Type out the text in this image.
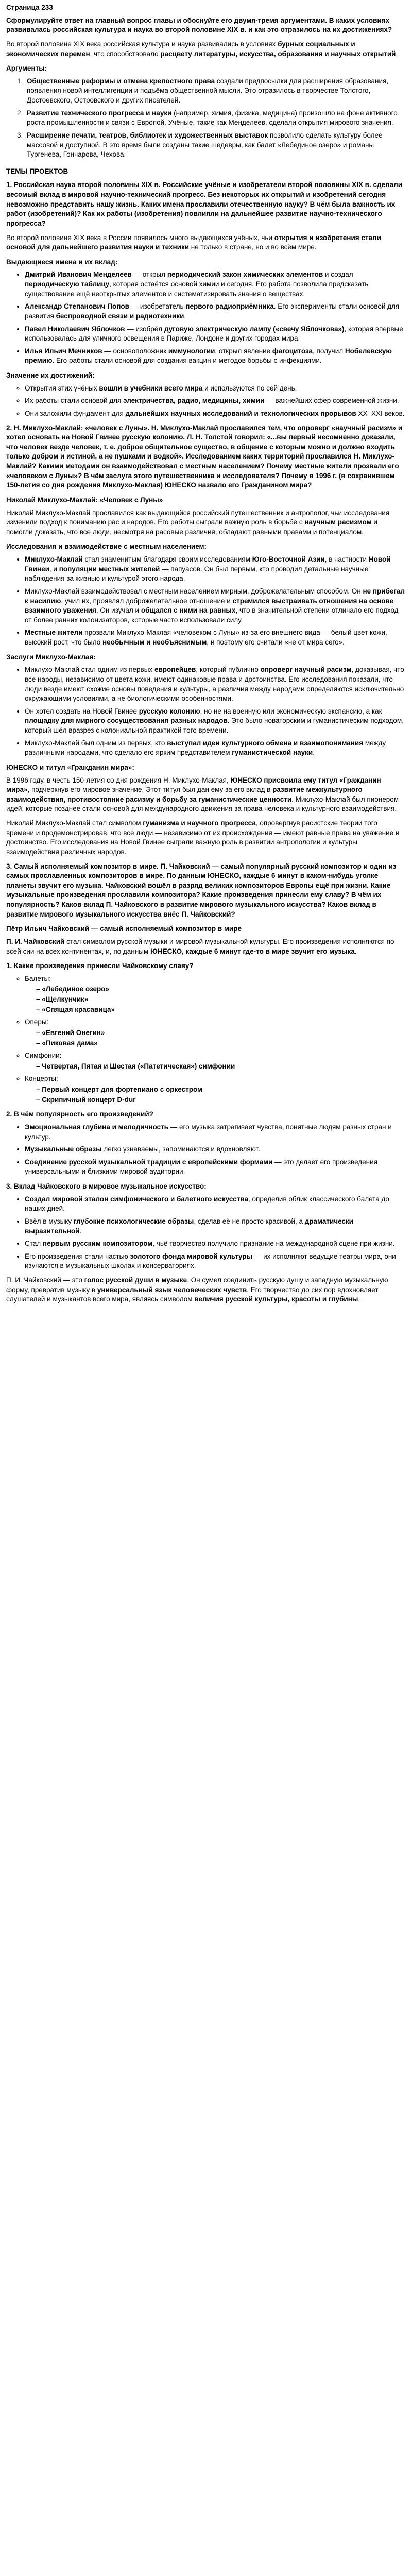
Страница 233

Сформулируйте ответ на главный вопрос главы и обоснуйте его двумя-тремя аргументами. В каких условиях развивалась российская культура и наука во второй половине XIX в. и как это отразилось на их достижениях?

Во второй половине XIX века российская культура и наука развивались в условиях бурных социальных и экономических перемен, что способствовало расцвету литературы, искусства, образования и научных открытий.

Аргументы:
1. Общественные реформы и отмена крепостного права создали предпосылки для расширения образования, появления новой интеллигенции и подъёма общественной мысли. Это отразилось в творчестве Толстого, Достоевского, Островского и других писателей.
2. Развитие технического прогресса и науки (например, химия, физика, медицина) произошло на фоне активного роста промышленности и связи с Европой. Учёные, такие как Менделеев, сделали открытия мирового значения.
3. Расширение печати, театров, библиотек и художественных выставок позволило сделать культуру более массовой и доступной. В это время были созданы такие шедевры, как балет «Лебединое озеро» и романы Тургенева, Гончарова, Чехова.
ТЕМЫ ПРОЕКТОВ

1. Российская наука второй половины XIX в. Российские учёные и изобретатели второй половины XIX в. сделали весомый вклад в мировой научно-технический прогресс. Без некоторых их открытий и изобретений сегодня невозможно представить нашу жизнь. Каких имена прославили отечественную науку? В чём была важность их работ (изобретений)? Как их работы (изобретения) повлияли на дальнейшее развитие научно-технического прогресса?

Во второй половине XIX века в России появилось много выдающихся учёных, чьи открытия и изобретения стали основой для дальнейшего развития науки и техники не только в стране, но и во всём мире.

Выдающиеся имена и их вклад:
• Дмитрий Иванович Менделеев — открыл периодический закон химических элементов и создал периодическую таблицу, которая остаётся основой химии и сегодня. Его работа позволила предсказать существование ещё неоткрытых элементов и систематизировать знания о веществах.
• Александр Степанович Попов — изобретатель первого радиоприёмника. Его эксперименты стали основой для развития беспроводной связи и радиотехники.
• Павел Николаевич Яблочков — изобрёл дуговую электрическую лампу («свечу Яблочкова»), которая впервые использовалась для уличного освещения в Париже, Лондоне и других городах мира.
• Илья Ильич Мечников — основоположник иммунологии, открыл явление фагоцитоза, получил Нобелевскую премию. Его работы стали основой для создания вакцин и методов борьбы с инфекциями.
Значение их достижений:
◦ Открытия этих учёных вошли в учебники всего мира и используются по сей день.
◦ Их работы стали основой для электричества, радио, медицины, химии — важнейших сфер современной жизни.
◦ Они заложили фундамент для дальнейших научных исследований и технологических прорывов XX–XXI веков.

2. Н. Миклухо-Маклай: «человек с Луны». Н. Миклухо-Маклай прославился тем, что опроверг «научный расизм» и хотел основать на Новой Гвинее русскую колонию. Л. Н. Толстой говорил: «...вы первый несомненно доказали, что человек везде человек, т. е. доброе общительное существо, в общение с которым можно и должно входить только добром и истиной, а не пушками и водкой». Исследованием каких территорий прославился Н. Миклухо-Маклай? Какими методами он взаимодействовал с местным населением? Почему местные жители прозвали его «человеком с Луны»? В чём заслуга этого путешественника и исследователя? Почему в 1996 г. (в сохранившем 150-летия со дня рождения Миклухо-Маклая) ЮНЕСКО назвало его Гражданином мира?

Николай Миклухо-Маклай: «Человек с Луны»

Николай Миклухо-Маклай прославился как выдающийся российский путешественник и антрополог, чьи исследования изменили подход к пониманию рас и народов. Его работы сыграли важную роль в борьбе с научным расизмом и помогли доказать, что все люди, несмотря на расовые различия, обладают равными правами и потенциалом.

Исследования и взаимодействие с местным населением:
• Миклухо-Маклай стал знаменитым благодаря своим исследованиям Юго-Восточной Азии, в частности Новой Гвинеи, и популяции местных жителей — папуасов. Он был первым, кто проводил детальные научные наблюдения за жизнью и культурой этого народа.
• Миклухо-Маклай взаимодействовал с местным населением мирным, доброжелательным способом. Он не прибегал к насилию, учил их, проявлял доброжелательное отношение и стремился выстраивать отношения на основе взаимного уважения. Он изучал и общался с ними на равных, что в значительной степени отличало его подход от более ранних колонизаторов, которые часто использовали силу.
• Местные жители прозвали Миклухо-Маклая «человеком с Луны» из-за его внешнего вида — белый цвет кожи, высокий рост, что было необычным и необъяснимым, и поэтому его считали «не от мира сего».
Заслуги Миклухо-Маклая:
• Миклухо-Маклай стал одним из первых европейцев, который публично опроверг научный расизм, доказывая, что все народы, независимо от цвета кожи, имеют одинаковые права и достоинства. Его исследования показали, что люди везде имеют схожие основы поведения и культуры, а различия между народами определяются исключительно окружающими условиями, а не биологическими особенностями.
• Он хотел создать на Новой Гвинее русскую колонию, но не на военную или экономическую экспансию, а как площадку для мирного сосуществования разных народов. Это было новаторским и гуманистическим подходом, который шёл вразрез с колониальной практикой того времени.
• Миклухо-Маклай был одним из первых, кто выступал идеи культурного обмена и взаимопонимания между различными народами, что сделало его ярким представителем гуманистической науки.
ЮНЕСКО и титул «Гражданин мира»:

В 1996 году, в честь 150-летия со дня рождения Н. Миклухо-Маклая, ЮНЕСКО присвоила ему титул «Гражданин мира», подчеркнув его мировое значение. Этот титул был дан ему за его вклад в развитие межкультурного взаимодействия, противостояние расизму и борьбу за гуманистические ценности. Миклухо-Маклай был пионером идей, которые позднее стали основой для международного движения за права человека и культурного взаимодействия.

Николай Миклухо-Маклай стал символом гуманизма и научного прогресса, опровергнув расистские теории того времени и продемонстрировав, что все люди — независимо от их происхождения — имеют равные права на уважение и достоинство. Его исследования на Новой Гвинее сыграли важную роль в развитии антропологии и культуры взаимодействия различных народов.

3. Самый исполняемый композитор в мире. П. Чайковский — самый популярный русский композитор и один из самых прославленных композиторов в мире. По данным ЮНЕСКО, каждые 6 минут в каком-нибудь уголке планеты звучит его музыка. Чайковский вошёл в разряд великих композиторов Европы ещё при жизни. Какие музыкальные произведения прославили композитора? Какие произведения принесли ему славу? В чём их популярность? Каков вклад П. Чайковского в развитие мирового музыкального искусства? Каков вклад в развитие мирового музыкального искусства внёс П. Чайковский?

Пётр Ильич Чайковский — самый исполняемый композитор в мире

П. И. Чайковский стал символом русской музыки и мировой музыкальной культуры. Его произведения исполняются по всей сии на всех континентах, и, по данным ЮНЕСКО, каждые 6 минут где-то в мире звучит его музыка.

1. Какие произведения принесли Чайковскому славу?
◦ Балеты:
– «Лебединое озеро»
– «Щелкунчик»
– «Спящая красавица»
◦ Оперы:
– «Евгений Онегин»
– «Пиковая дама»
◦ Симфонии:
– Четвертая, Пятая и Шестая («Патетическая») симфонии
◦ Концерты:
– Первый концерт для фортепиано с оркестром
– Скрипичный концерт D-dur
2. В чём популярность его произведений?
• Эмоциональная глубина и мелодичность — его музыка затрагивает чувства, понятные людям разных стран и культур.
• Музыкальные образы легко узнаваемы, запоминаются и вдохновляют.
• Соединение русской музыкальной традиции с европейскими формами — это делает его произведения универсальными и близкими мировой аудитории.
3. Вклад Чайковского в мировое музыкальное искусство:
• Создал мировой эталон симфонического и балетного искусства, определив облик классического балета до наших дней.
• Ввёл в музыку глубокие психологические образы, сделав её не просто красивой, а драматически выразительной.
• Стал первым русским композитором, чьё творчество получило признание на международной сцене при жизни.
• Его произведения стали частью золотого фонда мировой культуры — их исполняют ведущие театры мира, они изучаются в музыкальных школах и консерваториях.

П. И. Чайковский — это голос русской души в музыке. Он сумел соединить русскую душу и западную музыкальную форму, превратив музыку в универсальный язык человеческих чувств. Его творчество до сих пор вдохновляет слушателей и музыкантов всего мира, являясь символом величия русской культуры, красоты и глубины.
